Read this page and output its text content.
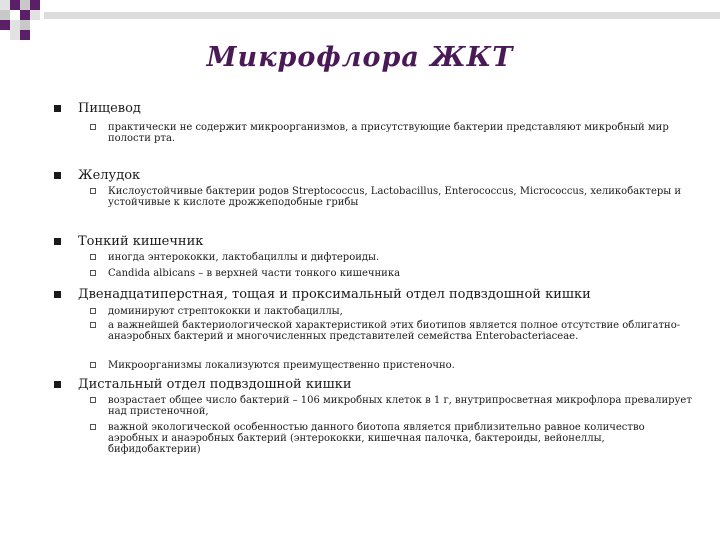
Микрофлора ЖКТ
Пищевод
практически не содержит микроорганизмов, а присутствующие бактерии представляют микробный мир полости рта.
Желудок
Кислоустойчивые бактерии родов Streptococcus, Lactobacillus, Enterococcus, Micrococcus, хеликобактеры и устойчивые к кислоте дрожжеподобные грибы
Тонкий кишечник
иногда энтерококки, лактобациллы и дифтероиды.
Candida albicans – в верхней части тонкого кишечника
Двенадцатиперстная, тощая и проксимальный отдел подвздошной кишки
доминируют стрептококки и лактобациллы,
а важнейшей бактериологической характеристикой этих биотипов является полное отсутствие облигатно-анаэробных бактерий и многочисленных представителей семейства Enterobacteriaceae.
Микроорганизмы локализуются преимущественно пристеночно.
Дистальный отдел подвздошной кишки
возрастает общее число бактерий – 106 микробных клеток в 1 г, внутрипросветная микрофлора превалирует над пристеночной,
важной экологической особенностью данного биотопа является приблизительно равное количество аэробных и анаэробных бактерий (энтерококки, кишечная палочка, бактероиды, вейонеллы, бифидобактерии)
